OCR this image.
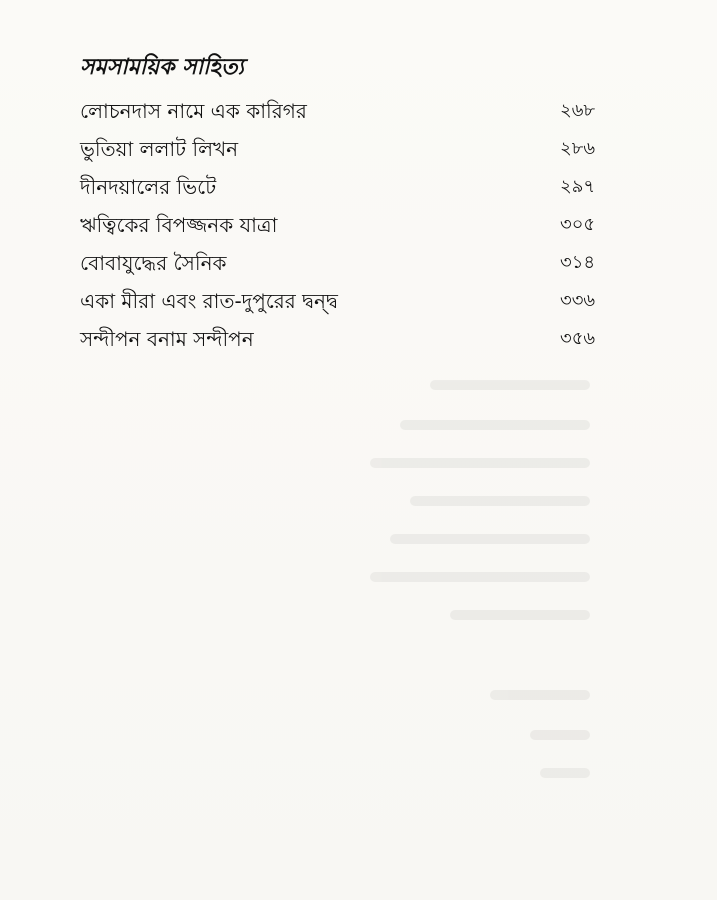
সমসাময়িক সাহিত্য
লোচনদাস নামে এক কারিগর	২৬৮
ভুতিয়া ললাট লিখন	২৮৬
দীনদয়ালের ভিটে	২৯৭
ঋত্বিকের বিপজ্জনক যাত্রা	৩০৫
বোবাযুদ্ধের সৈনিক	৩১৪
একা মীরা এবং রাত-দুপুরের দ্বন্দ্ব	৩৩৬
সন্দীপন বনাম সন্দীপন	৩৫৬
